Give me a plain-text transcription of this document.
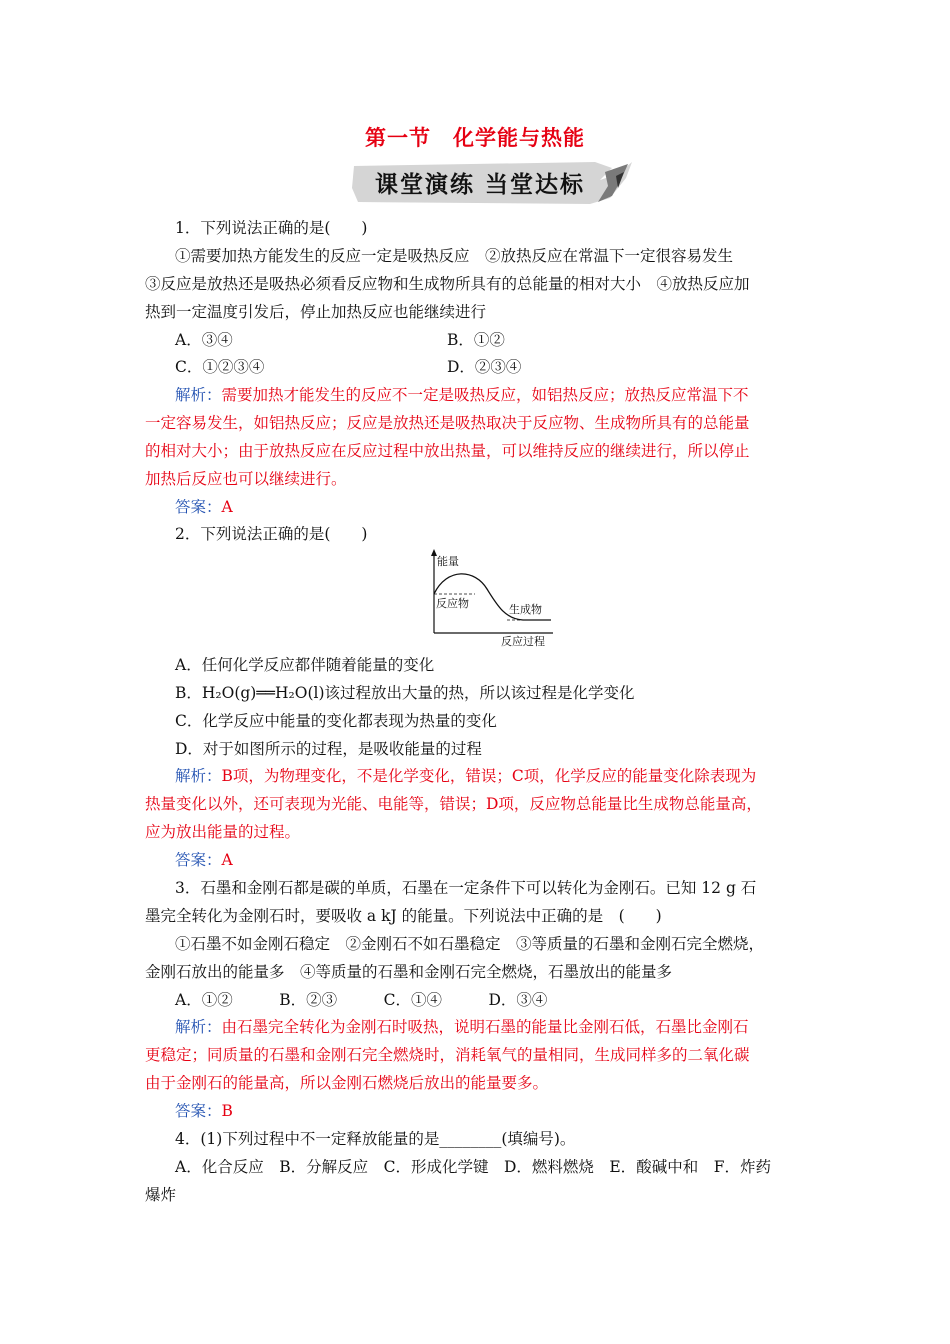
第一节　化学能与热能
课堂演练 当堂达标
1．下列说法正确的是(　　)
①需要加热方能发生的反应一定是吸热反应　②放热反应在常温下一定很容易发生
③反应是放热还是吸热必须看反应物和生成物所具有的总能量的相对大小　④放热反应加
热到一定温度引发后，停止加热反应也能继续进行
A．③④	B．①②
C．①②③④	D．②③④
解析：需要加热才能发生的反应不一定是吸热反应，如铝热反应；放热反应常温下不
一定容易发生，如铝热反应；反应是放热还是吸热取决于反应物、生成物所具有的总能量
的相对大小；由于放热反应在反应过程中放出热量，可以维持反应的继续进行，所以停止
加热后反应也可以继续进行。
答案：A
2．下列说法正确的是(　　)
能量
反应物	生成物
反应过程
A．任何化学反应都伴随着能量的变化
B．H₂O(g)══H₂O(l)该过程放出大量的热，所以该过程是化学变化
C．化学反应中能量的变化都表现为热量的变化
D．对于如图所示的过程，是吸收能量的过程
解析：B项，为物理变化，不是化学变化，错误；C项，化学反应的能量变化除表现为
热量变化以外，还可表现为光能、电能等，错误；D项，反应物总能量比生成物总能量高，
应为放出能量的过程。
答案：A
3．石墨和金刚石都是碳的单质，石墨在一定条件下可以转化为金刚石。已知 12 g 石
墨完全转化为金刚石时，要吸收 a kJ 的能量。下列说法中正确的是　(　　)
①石墨不如金刚石稳定　②金刚石不如石墨稳定　③等质量的石墨和金刚石完全燃烧，
金刚石放出的能量多　④等质量的石墨和金刚石完全燃烧，石墨放出的能量多
A．①②　　　B．②③　　　C．①④　　　D．③④
解析：由石墨完全转化为金刚石时吸热，说明石墨的能量比金刚石低，石墨比金刚石
更稳定；同质量的石墨和金刚石完全燃烧时，消耗氧气的量相同，生成同样多的二氧化碳
由于金刚石的能量高，所以金刚石燃烧后放出的能量要多。
答案：B
4．(1)下列过程中不一定释放能量的是________(填编号)。
A．化合反应　B．分解反应　C．形成化学键　D．燃料燃烧　E．酸碱中和　F．炸药
爆炸
